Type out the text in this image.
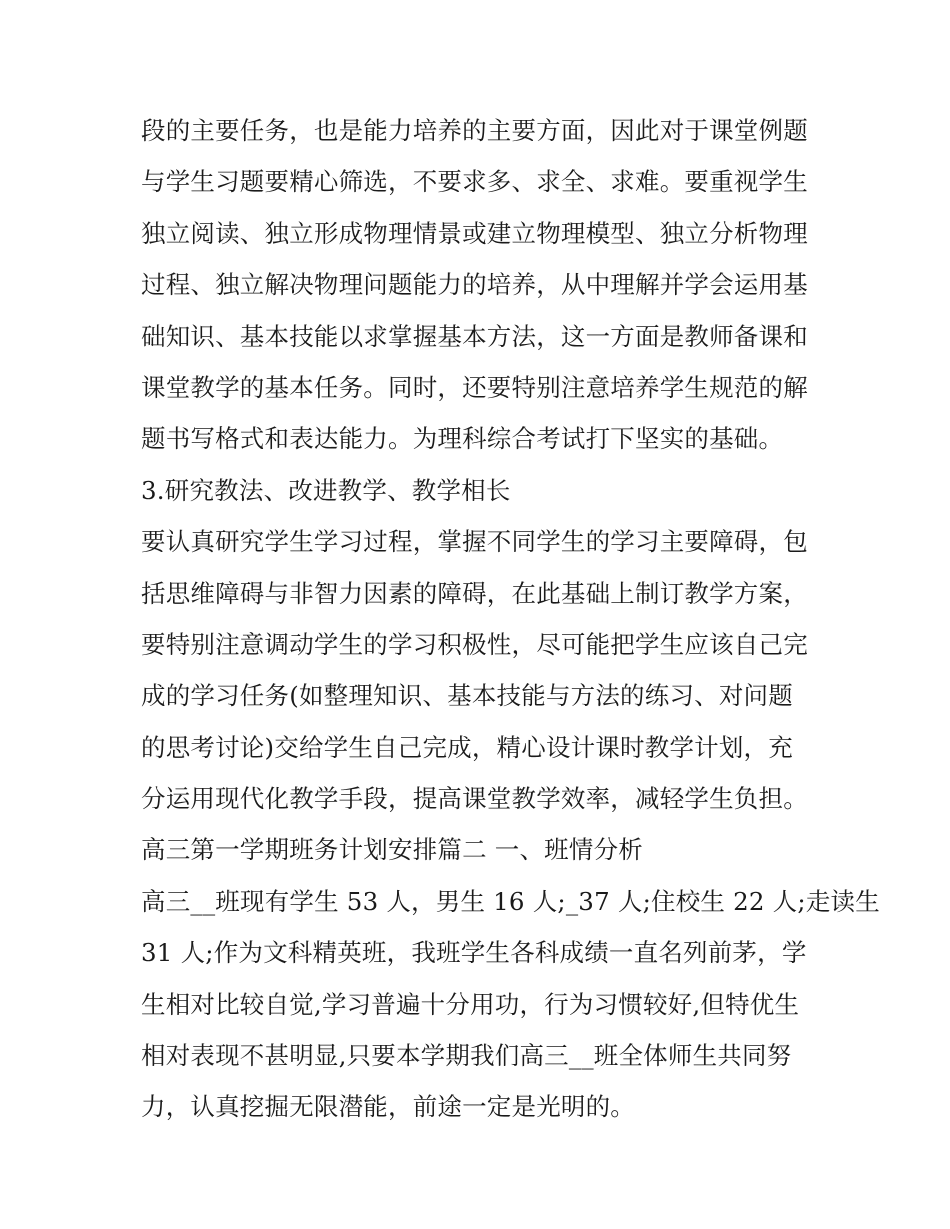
段的主要任务，也是能力培养的主要方面，因此对于课堂例题
与学生习题要精心筛选，不要求多、求全、求难。要重视学生
独立阅读、独立形成物理情景或建立物理模型、独立分析物理
过程、独立解决物理问题能力的培养，从中理解并学会运用基
础知识、基本技能以求掌握基本方法，这一方面是教师备课和
课堂教学的基本任务。同时，还要特别注意培养学生规范的解
题书写格式和表达能力。为理科综合考试打下坚实的基础。
3.研究教法、改进教学、教学相长
要认真研究学生学习过程，掌握不同学生的学习主要障碍，包
括思维障碍与非智力因素的障碍，在此基础上制订教学方案，
要特别注意调动学生的学习积极性，尽可能把学生应该自己完
成的学习任务(如整理知识、基本技能与方法的练习、对问题
的思考讨论)交给学生自己完成，精心设计课时教学计划，充
分运用现代化教学手段，提高课堂教学效率，减轻学生负担。
高三第一学期班务计划安排篇二 一、班情分析
高三__班现有学生 53 人，男生 16 人;_37 人;住校生 22 人;走读生
31 人;作为文科精英班，我班学生各科成绩一直名列前茅，学
生相对比较自觉,学习普遍十分用功，行为习惯较好,但特优生
相对表现不甚明显,只要本学期我们高三__班全体师生共同努
力，认真挖掘无限潜能，前途一定是光明的。
